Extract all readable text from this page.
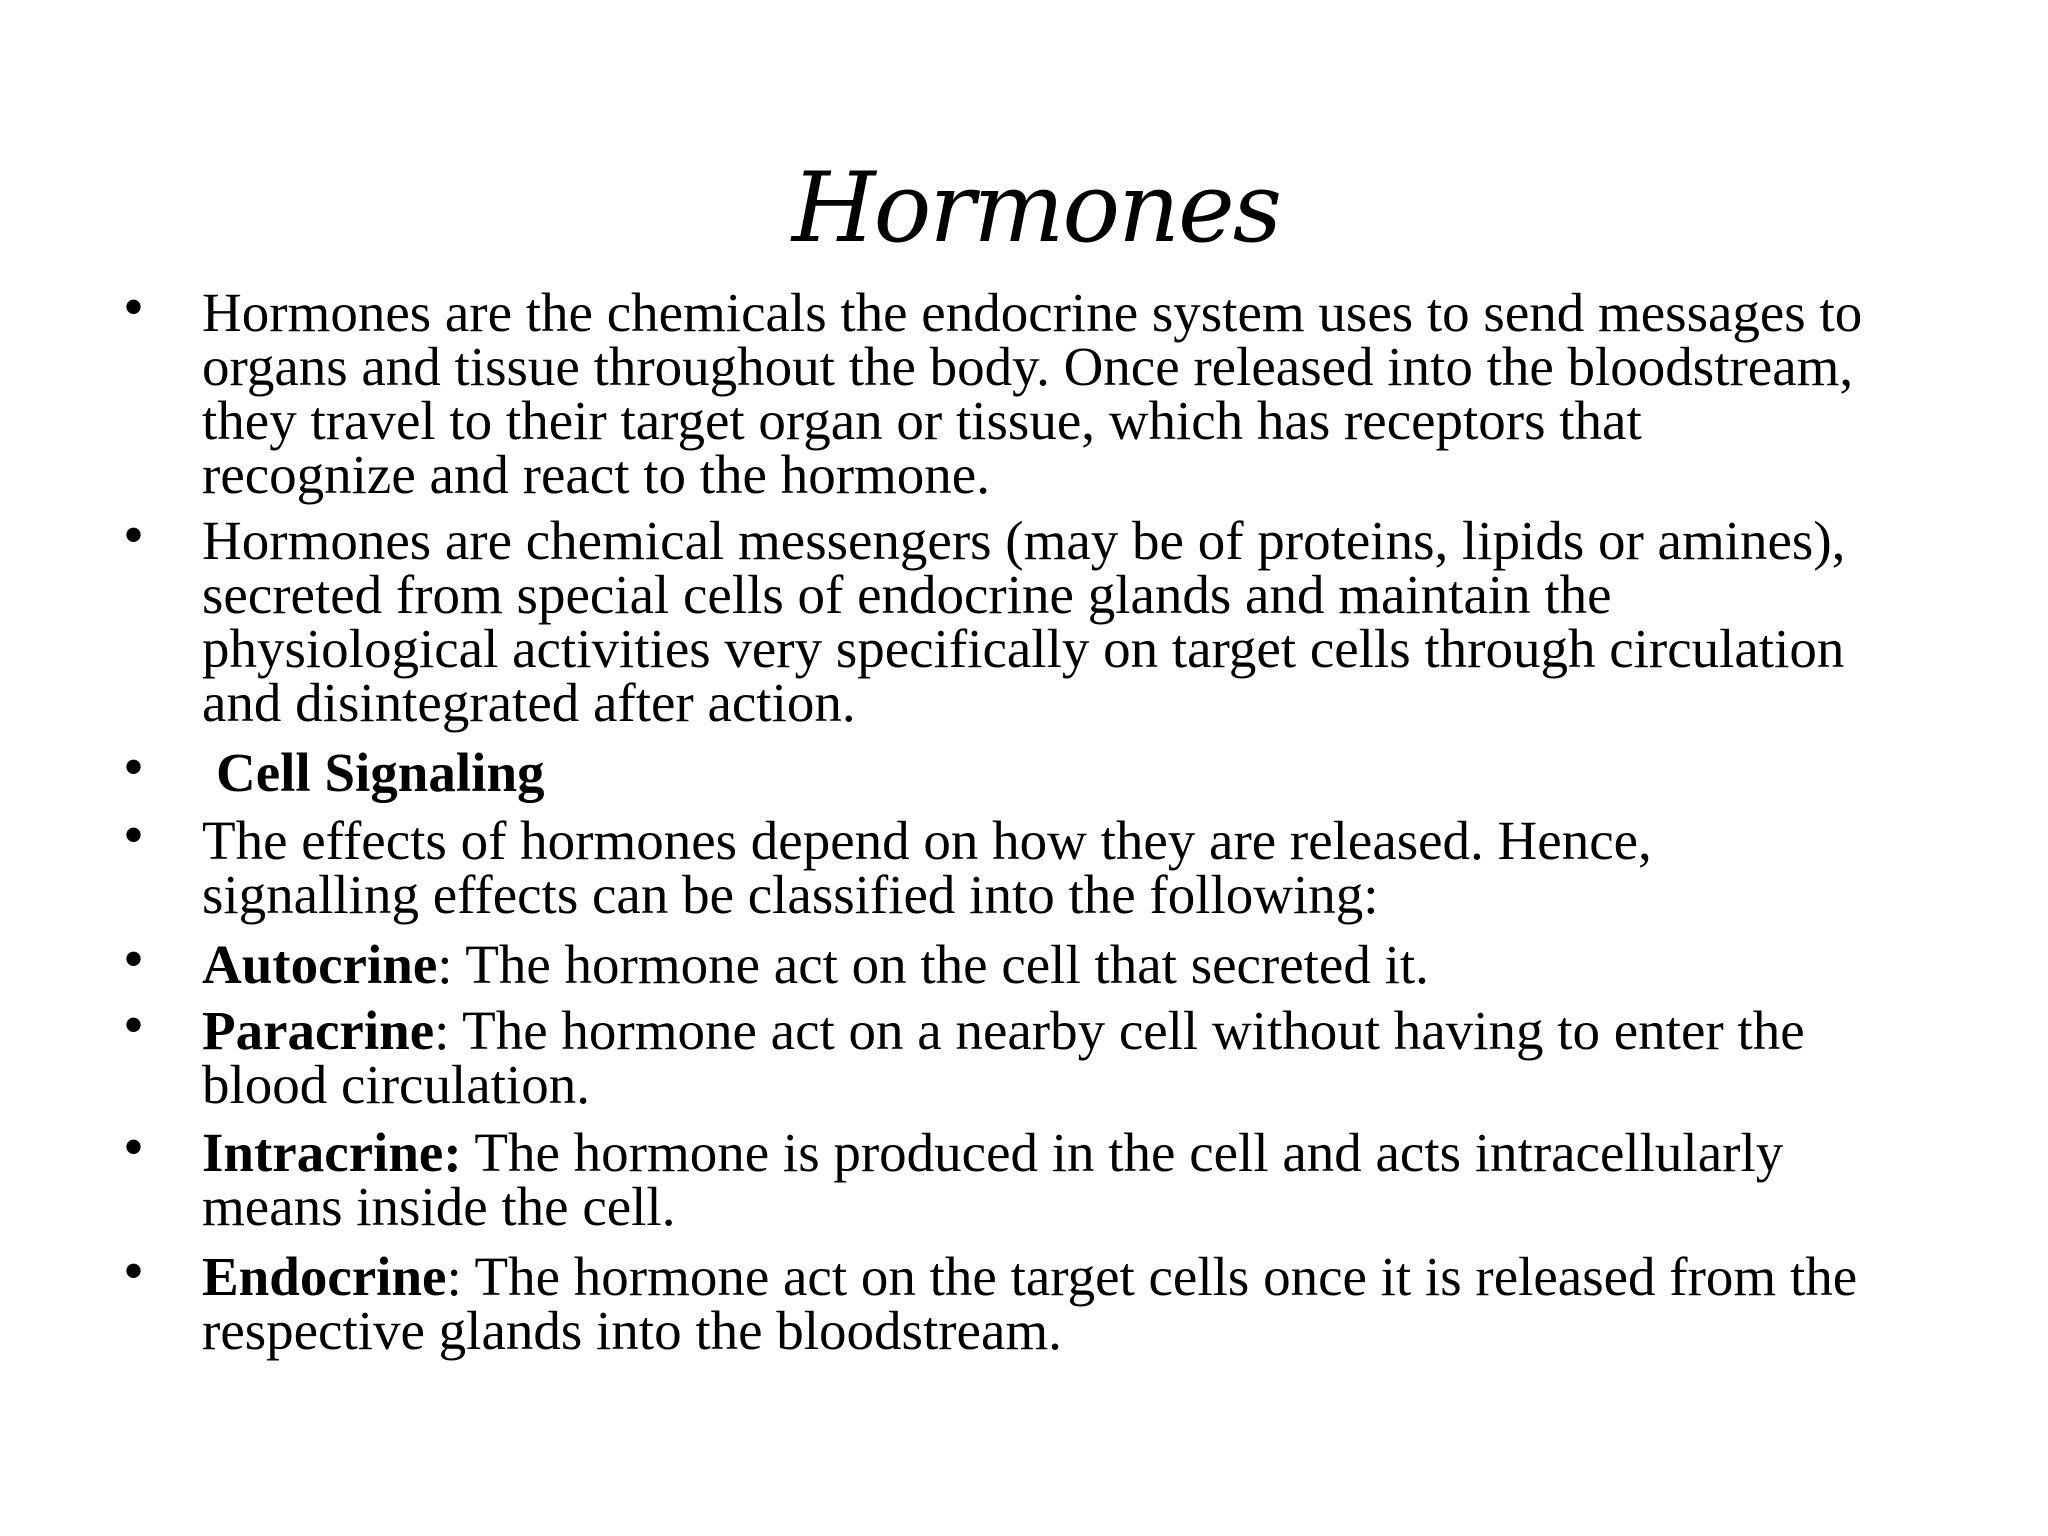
Hormones
• Hormones are the chemicals the endocrine system uses to send messages to
organs and tissue throughout the body. Once released into the bloodstream,
they travel to their target organ or tissue, which has receptors that
recognize and react to the hormone.
• Hormones are chemical messengers (may be of proteins, lipids or amines),
secreted from special cells of endocrine glands and maintain the
physiological activities very specifically on target cells through circulation
and disintegrated after action.
• Cell Signaling
• The effects of hormones depend on how they are released. Hence,
signalling effects can be classified into the following:
• Autocrine: The hormone act on the cell that secreted it.
• Paracrine: The hormone act on a nearby cell without having to enter the
blood circulation.
• Intracrine: The hormone is produced in the cell and acts intracellularly
means inside the cell.
• Endocrine: The hormone act on the target cells once it is released from the
respective glands into the bloodstream.
